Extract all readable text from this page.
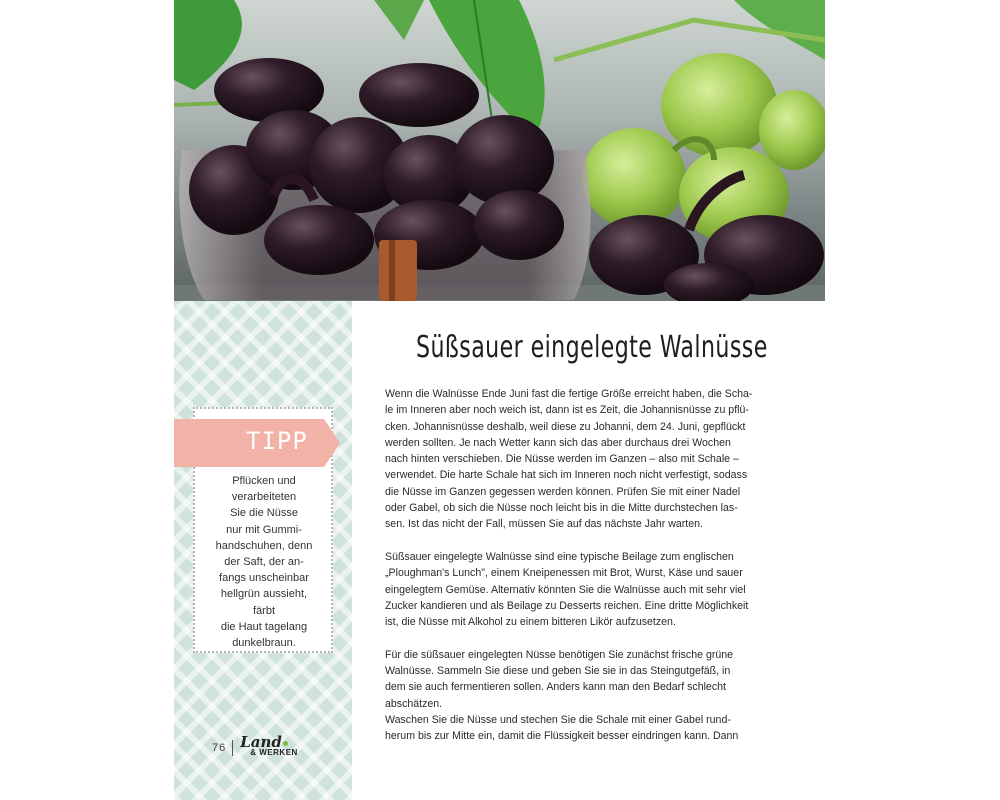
TIPP
Pflücken und
verarbeiteten
Sie die Nüsse
nur mit Gummi-
handschuhen, denn
der Saft, der an-
fangs unscheinbar
hellgrün aussieht,
färbt
die Haut tagelang
dunkelbraun.
76 Land
& WERKEN
Süßsauer eingelegte Walnüsse
Wenn die Walnüsse Ende Juni fast die fertige Größe erreicht haben, die Scha-
le im Inneren aber noch weich ist, dann ist es Zeit, die Johannisnüsse zu pflü-
cken. Johannisnüsse deshalb, weil diese zu Johanni, dem 24. Juni, gepflückt
werden sollten. Je nach Wetter kann sich das aber durchaus drei Wochen
nach hinten verschieben. Die Nüsse werden im Ganzen – also mit Schale –
verwendet. Die harte Schale hat sich im Inneren noch nicht verfestigt, sodass
die Nüsse im Ganzen gegessen werden können. Prüfen Sie mit einer Nadel
oder Gabel, ob sich die Nüsse noch leicht bis in die Mitte durchstechen las-
sen. Ist das nicht der Fall, müssen Sie auf das nächste Jahr warten.
Süßsauer eingelegte Walnüsse sind eine typische Beilage zum englischen
„Ploughman's Lunch", einem Kneipenessen mit Brot, Wurst, Käse und sauer
eingelegtem Gemüse. Alternativ könnten Sie die Walnüsse auch mit sehr viel
Zucker kandieren und als Beilage zu Desserts reichen. Eine dritte Möglichkeit
ist, die Nüsse mit Alkohol zu einem bitteren Likör aufzusetzen.
Für die süßsauer eingelegten Nüsse benötigen Sie zunächst frische grüne
Walnüsse. Sammeln Sie diese und geben Sie sie in das Steingutgefäß, in
dem sie auch fermentieren sollen. Anders kann man den Bedarf schlecht
abschätzen.
Waschen Sie die Nüsse und stechen Sie die Schale mit einer Gabel rund-
herum bis zur Mitte ein, damit die Flüssigkeit besser eindringen kann. Dann
